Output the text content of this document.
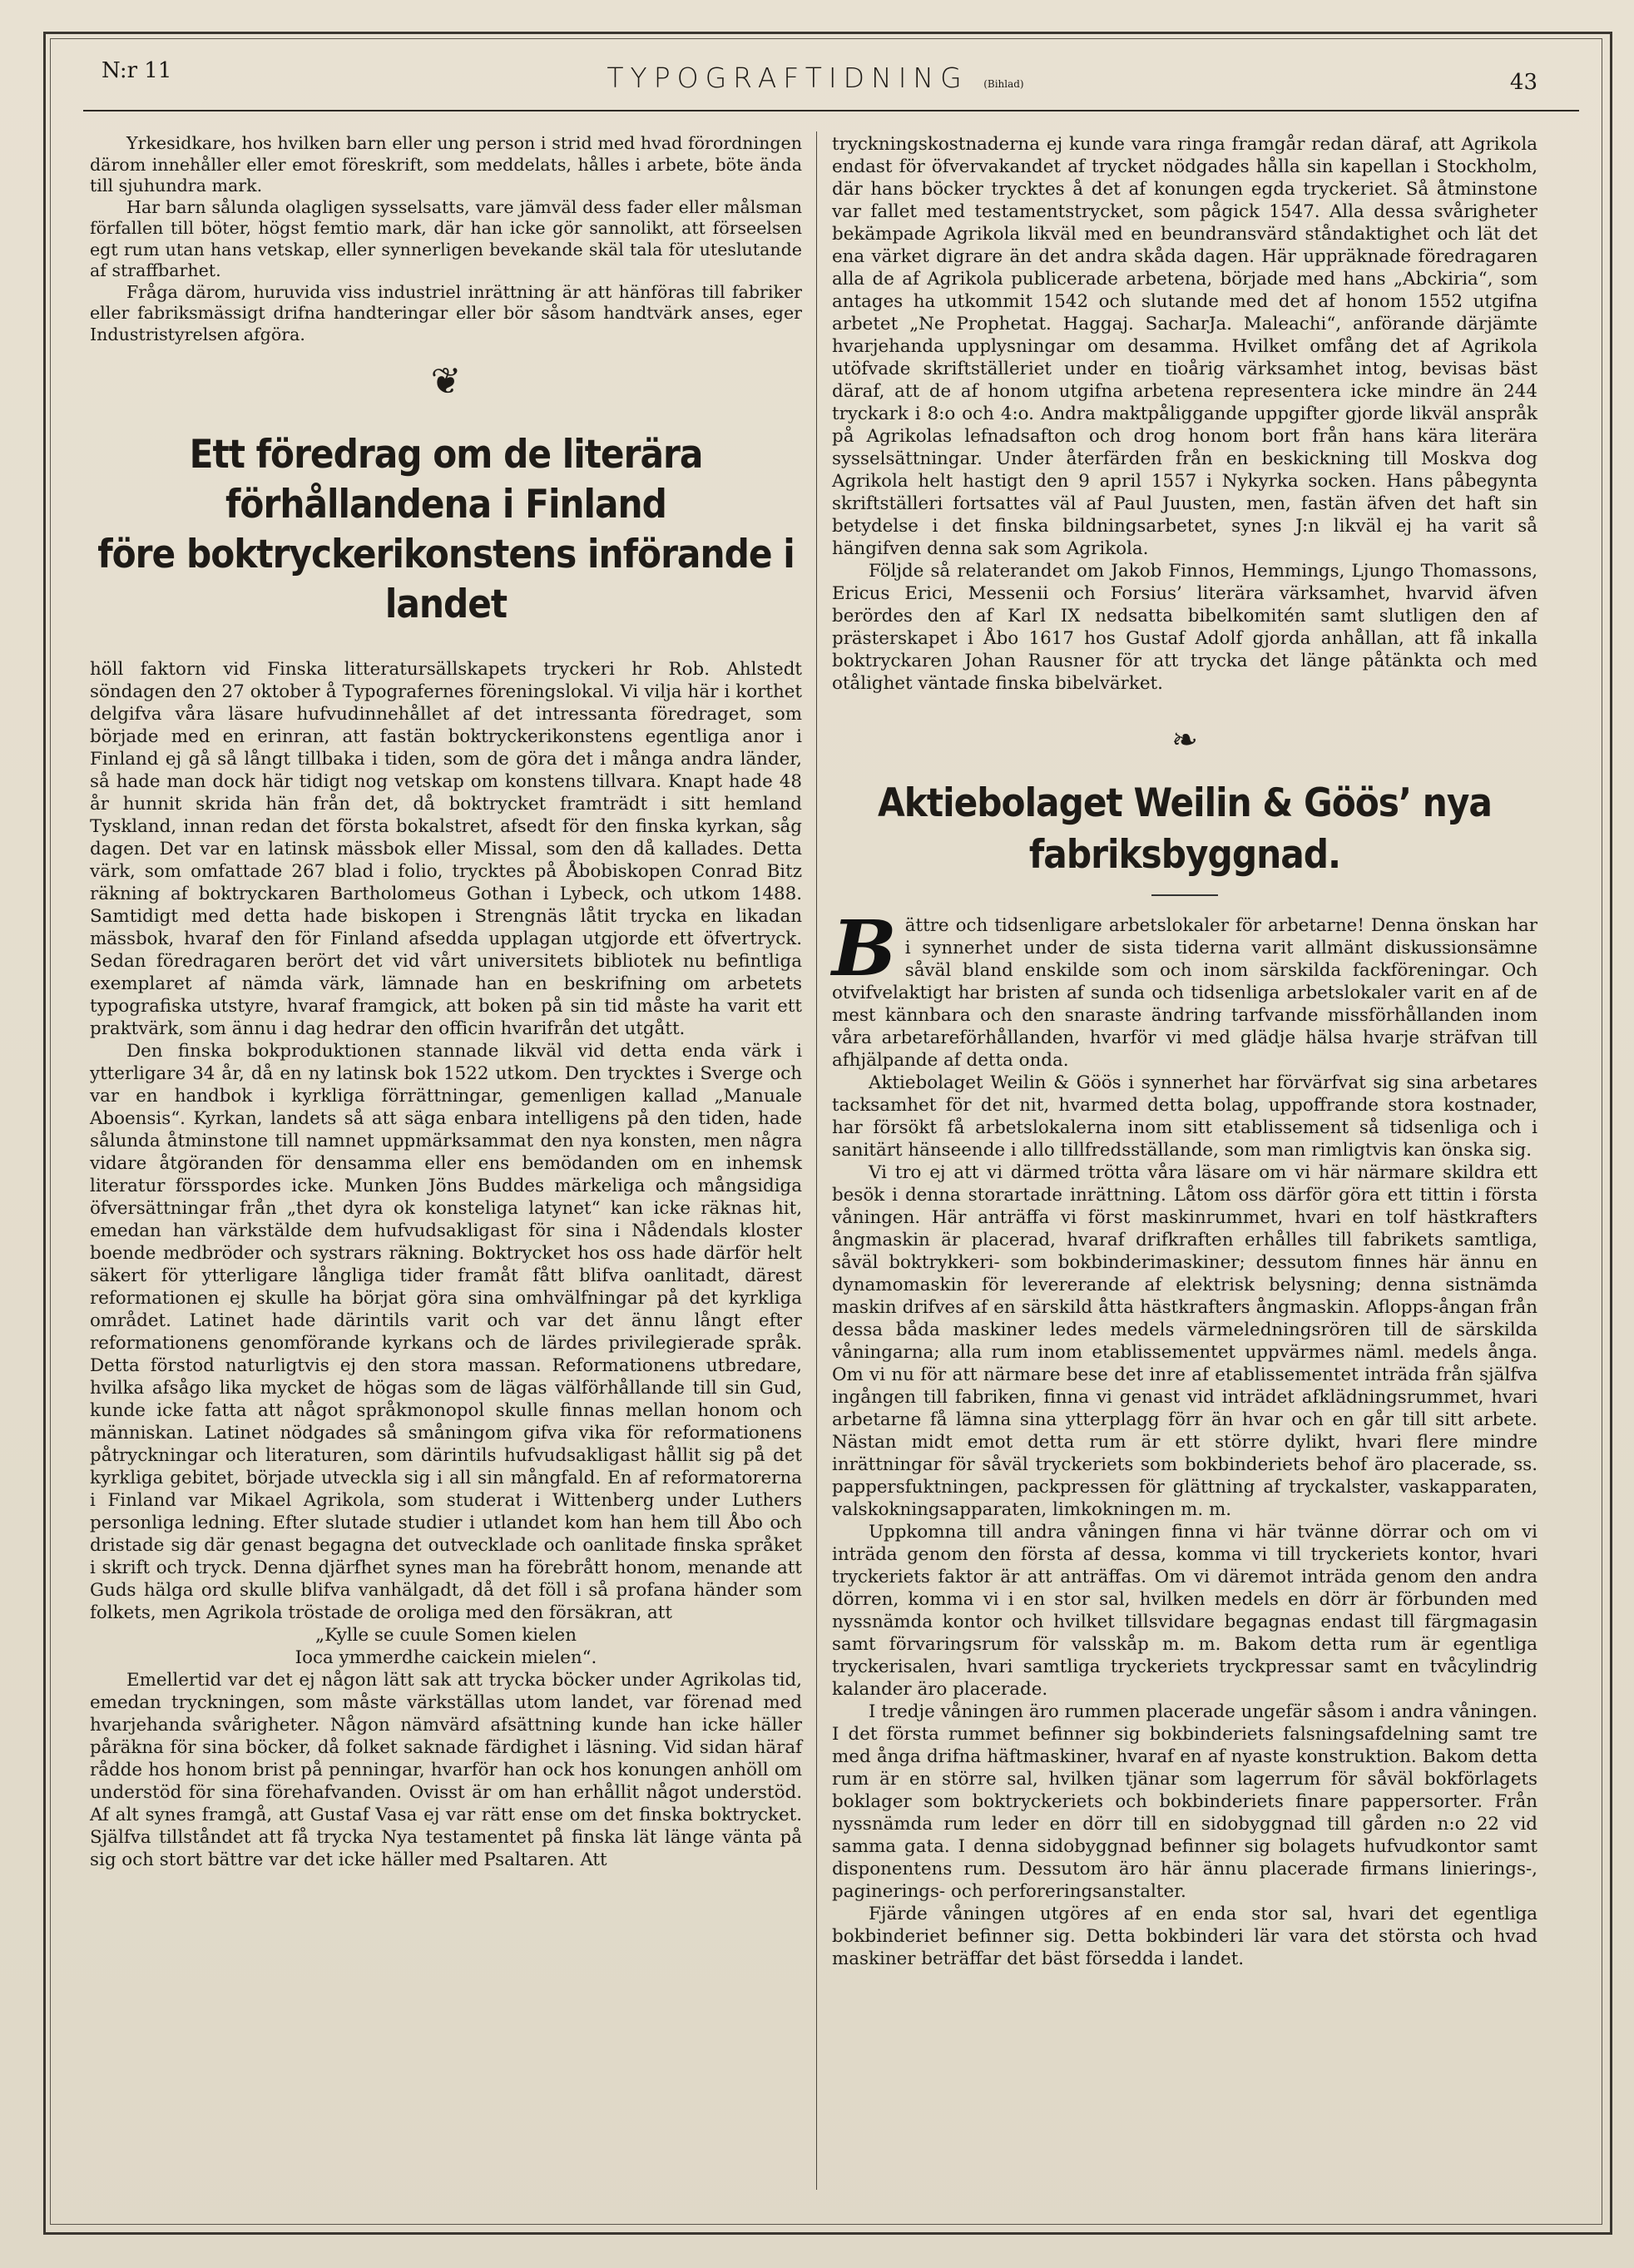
N:r 11	TYPOGRAFTIDNING (Bihlad)	43

Yrkesidkare, hos hvilken barn eller ung person i strid med hvad förordningen därom innehåller eller emot föreskrift, som meddelats, hålles i arbete, böte ända till sjuhundra mark.

Har barn sålunda olagligen sysselsatts, vare jämväl dess fader eller målsman förfallen till böter, högst femtio mark, där han icke gör sannolikt, att förseelsen egt rum utan hans vetskap, eller synnerligen bevekande skäl tala för uteslutande af straffbarhet.

Fråga därom, huruvida viss industriel inrättning är att hänföras till fabriker eller fabriksmässigt drifna handteringar eller bör såsom handtvärk anses, eger Industristyrelsen afgöra.

❦
Ett föredrag om de literära förhållandena i Finland
före boktryckerikonstens införande i landet

höll faktorn vid Finska litteratursällskapets tryckeri hr Rob. Ahlstedt söndagen den 27 oktober å Typografernes föreningslokal. Vi vilja här i korthet delgifva våra läsare hufvudinnehållet af det intressanta föredraget, som började med en erinran, att fastän boktryckerikonstens egentliga anor i Finland ej gå så långt tillbaka i tiden, som de göra det i många andra länder, så hade man dock här tidigt nog vetskap om konstens tillvara. Knapt hade 48 år hunnit skrida hän från det, då boktrycket framträdt i sitt hemland Tyskland, innan redan det första bokalstret, afsedt för den finska kyrkan, såg dagen. Det var en latinsk mässbok eller Missal, som den då kallades. Detta värk, som omfattade 267 blad i folio, trycktes på Åbobiskopen Conrad Bitz räkning af boktryckaren Bartholomeus Gothan i Lybeck, och utkom 1488. Samtidigt med detta hade biskopen i Strengnäs låtit trycka en likadan mässbok, hvaraf den för Finland afsedda upplagan utgjorde ett öfvertryck. Sedan föredragaren berört det vid vårt universitets bibliotek nu befintliga exemplaret af nämda värk, lämnade han en beskrifning om arbetets typografiska utstyre, hvaraf framgick, att boken på sin tid måste ha varit ett praktvärk, som ännu i dag hedrar den officin hvarifrån det utgått.

Den finska bokproduktionen stannade likväl vid detta enda värk i ytterligare 34 år, då en ny latinsk bok 1522 utkom. Den trycktes i Sverge och var en handbok i kyrkliga förrättningar, gemenligen kallad „Manuale Aboensis“. Kyrkan, landets så att säga enbara intelligens på den tiden, hade sålunda åtminstone till namnet uppmärksammat den nya konsten, men några vidare åtgöranden för densamma eller ens bemödanden om en inhemsk literatur försspordes icke. Munken Jöns Buddes märkeliga och mångsidiga öfversättningar från „thet dyra ok konsteliga latynet“ kan icke räknas hit, emedan han värkstälde dem hufvudsakligast för sina i Nådendals kloster boende medbröder och systrars räkning. Boktrycket hos oss hade därför helt säkert för ytterligare långliga tider framåt fått blifva oanlitadt, därest reformationen ej skulle ha börjat göra sina omhvälfningar på det kyrkliga området. Latinet hade därintils varit och var det ännu långt efter reformationens genomförande kyrkans och de lärdes privilegierade språk. Detta förstod naturligtvis ej den stora massan. Reformationens utbredare, hvilka afsågo lika mycket de högas som de lägas välförhållande till sin Gud, kunde icke fatta att något språkmonopol skulle finnas mellan honom och människan. Latinet nödgades så småningom gifva vika för reformationens påtryckningar och literaturen, som därintils hufvudsakligast hållit sig på det kyrkliga gebitet, började utveckla sig i all sin mångfald. En af reformatorerna i Finland var Mikael Agrikola, som studerat i Wittenberg under Luthers personliga ledning. Efter slutade studier i utlandet kom han hem till Åbo och dristade sig där genast begagna det outvecklade och oanlitade finska språket i skrift och tryck. Denna djärfhet synes man ha förebrått honom, menande att Guds hälga ord skulle blifva vanhälgadt, då det föll i så profana händer som folkets, men Agrikola tröstade de oroliga med den försäkran, att

„Kylle se cuule Somen kielen

Ioca ymmerdhe caickein mielen“.

Emellertid var det ej någon lätt sak att trycka böcker under Agrikolas tid, emedan tryckningen, som måste värkställas utom landet, var förenad med hvarjehanda svårigheter. Någon nämvärd afsättning kunde han icke häller påräkna för sina böcker, då folket saknade färdighet i läsning. Vid sidan häraf rådde hos honom brist på penningar, hvarför han ock hos konungen anhöll om understöd för sina förehafvanden. Ovisst är om han erhållit något understöd. Af alt synes framgå, att Gustaf Vasa ej var rätt ense om det finska boktrycket. Själfva tillståndet att få trycka Nya testamentet på finska lät länge vänta på sig och stort bättre var det icke häller med Psaltaren. Att

tryckningskostnaderna ej kunde vara ringa framgår redan däraf, att Agrikola endast för öfvervakandet af trycket nödgades hålla sin kapellan i Stockholm, där hans böcker trycktes å det af konungen egda tryckeriet. Så åtminstone var fallet med testamentstrycket, som pågick 1547. Alla dessa svårigheter bekämpade Agrikola likväl med en beundransvärd ståndaktighet och lät det ena värket digrare än det andra skåda dagen. Här uppräknade föredragaren alla de af Agrikola publicerade arbetena, började med hans „Abckiria“, som antages ha utkommit 1542 och slutande med det af honom 1552 utgifna arbetet „Ne Prophetat. Haggaj. SacharJa. Maleachi“, anförande därjämte hvarjehanda upplysningar om desamma. Hvilket omfång det af Agrikola utöfvade skriftställeriet under en tioårig värksamhet intog, bevisas bäst däraf, att de af honom utgifna arbetena representera icke mindre än 244 tryckark i 8:o och 4:o. Andra maktpåliggande uppgifter gjorde likväl anspråk på Agrikolas lefnadsafton och drog honom bort från hans kära literära sysselsättningar. Under återfärden från en beskickning till Moskva dog Agrikola helt hastigt den 9 april 1557 i Nykyrka socken. Hans påbegynta skriftställeri fortsattes väl af Paul Juusten, men, fastän äfven det haft sin betydelse i det finska bildningsarbetet, synes J:n likväl ej ha varit så hängifven denna sak som Agrikola.

Följde så relaterandet om Jakob Finnos, Hemmings, Ljungo Thomassons, Ericus Erici, Messenii och Forsius’ literära värksamhet, hvarvid äfven berördes den af Karl IX nedsatta bibelkomitén samt slutligen den af prästerskapet i Åbo 1617 hos Gustaf Adolf gjorda anhållan, att få inkalla boktryckaren Johan Rausner för att trycka det länge påtänkta och med otålighet väntade finska bibelvärket.

❧
Aktiebolaget Weilin & Göös’ nya fabriksbyggnad.

Bättre och tidsenligare arbetslokaler för arbetarne! Denna önskan har i synnerhet under de sista tiderna varit allmänt diskussionsämne såväl bland enskilde som och inom särskilda fackföreningar. Och otvifvelaktigt har bristen af sunda och tidsenliga arbetslokaler varit en af de mest kännbara och den snaraste ändring tarfvande missförhållanden inom våra arbetareförhållanden, hvarför vi med glädje hälsa hvarje sträfvan till afhjälpande af detta onda.

Aktiebolaget Weilin & Göös i synnerhet har förvärfvat sig sina arbetares tacksamhet för det nit, hvarmed detta bolag, uppoffrande stora kostnader, har försökt få arbetslokalerna inom sitt etablissement så tidsenliga och i sanitärt hänseende i allo tillfredsställande, som man rimligtvis kan önska sig.

Vi tro ej att vi därmed trötta våra läsare om vi här närmare skildra ett besök i denna storartade inrättning. Låtom oss därför göra ett tittin i första våningen. Här anträffa vi först maskinrummet, hvari en tolf hästkrafters ångmaskin är placerad, hvaraf drifkraften erhålles till fabrikets samtliga, såväl boktrykkeri- som bokbinderimaskiner; dessutom finnes här ännu en dynamomaskin för levererande af elektrisk belysning; denna sistnämda maskin drifves af en särskild åtta hästkrafters ångmaskin. Aflopps-ångan från dessa båda maskiner ledes medels värmeledningsrören till de särskilda våningarna; alla rum inom etablissementet uppvärmes näml. medels ånga. Om vi nu för att närmare bese det inre af etablissementet inträda från själfva ingången till fabriken, finna vi genast vid inträdet afklädningsrummet, hvari arbetarne få lämna sina ytterplagg förr än hvar och en går till sitt arbete. Nästan midt emot detta rum är ett större dylikt, hvari flere mindre inrättningar för såväl tryckeriets som bokbinderiets behof äro placerade, ss. pappersfuktningen, packpressen för glättning af tryckalster, vaskapparaten, valskokningsapparaten, limkokningen m. m.

Uppkomna till andra våningen finna vi här tvänne dörrar och om vi inträda genom den första af dessa, komma vi till tryckeriets kontor, hvari tryckeriets faktor är att anträffas. Om vi däremot inträda genom den andra dörren, komma vi i en stor sal, hvilken medels en dörr är förbunden med nyssnämda kontor och hvilket tillsvidare begagnas endast till färgmagasin samt förvaringsrum för valsskåp m. m. Bakom detta rum är egentliga tryckerisalen, hvari samtliga tryckeriets tryckpressar samt en tvåcylindrig kalander äro placerade.

I tredje våningen äro rummen placerade ungefär såsom i andra våningen. I det första rummet befinner sig bokbinderiets falsningsafdelning samt tre med ånga drifna häftmaskiner, hvaraf en af nyaste konstruktion. Bakom detta rum är en större sal, hvilken tjänar som lagerrum för såväl bokförlagets boklager som boktryckeriets och bokbinderiets finare pappersorter. Från nyssnämda rum leder en dörr till en sidobyggnad till gården n:o 22 vid samma gata. I denna sidobyggnad befinner sig bolagets hufvudkontor samt disponentens rum. Dessutom äro här ännu placerade firmans linierings-, paginerings- och perforeringsanstalter.

Fjärde våningen utgöres af en enda stor sal, hvari det egentliga bokbinderiet befinner sig. Detta bokbinderi lär vara det största och hvad maskiner beträffar det bäst försedda i landet.
